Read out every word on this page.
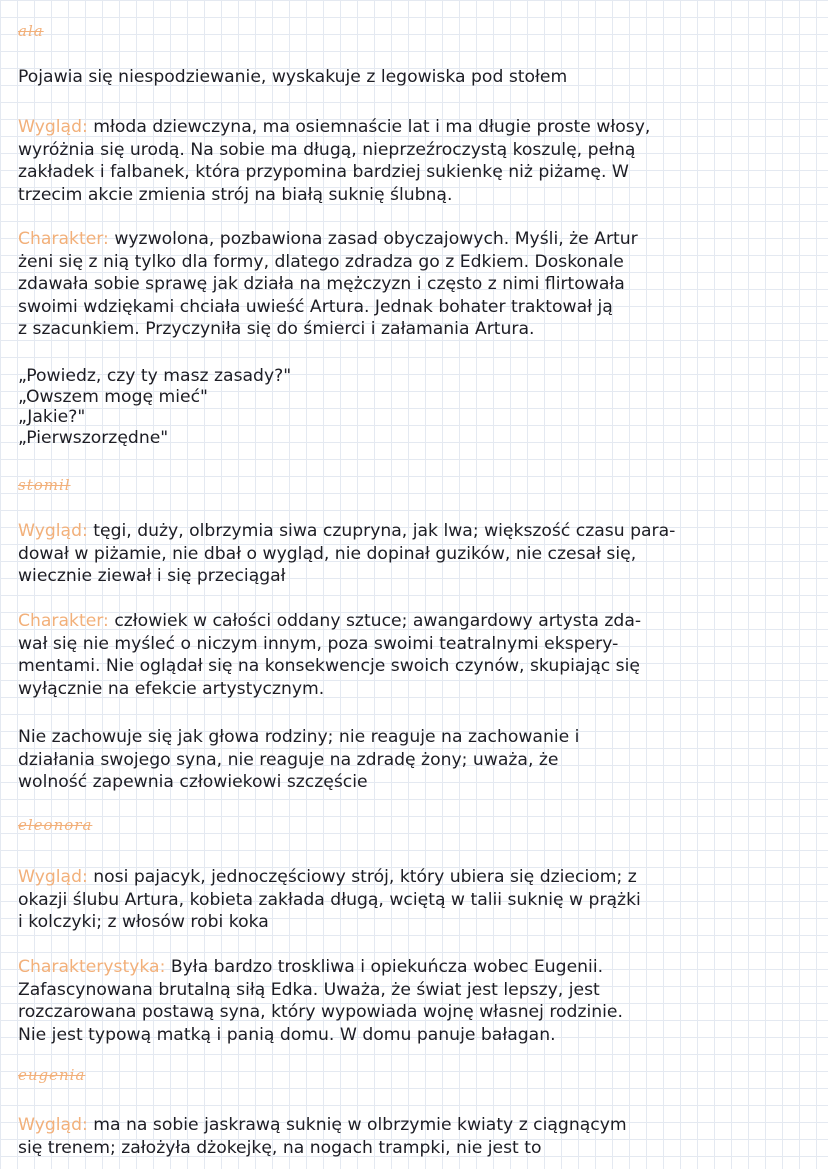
ala
Pojawia się niespodziewanie, wyskakuje z legowiska pod stołem
Wygląd: młoda dziewczyna, ma osiemnaście lat i ma długie proste włosy,
wyróżnia się urodą. Na sobie ma długą, nieprzeźroczystą koszulę, pełną
zakładek i falbanek, która przypomina bardziej sukienkę niż piżamę. W
trzecim akcie zmienia strój na białą suknię ślubną.
Charakter: wyzwolona, pozbawiona zasad obyczajowych. Myśli, że Artur
żeni się z nią tylko dla formy, dlatego zdradza go z Edkiem. Doskonale
zdawała sobie sprawę jak działa na mężczyzn i często z nimi flirtowała
swoimi wdziękami chciała uwieść Artura. Jednak bohater traktował ją
z szacunkiem. Przyczyniła się do śmierci i załamania Artura.
„Powiedz, czy ty masz zasady?"
„Owszem mogę mieć"
„Jakie?"
„Pierwszorzędne"
stomil
Wygląd: tęgi, duży, olbrzymia siwa czupryna, jak lwa; większość czasu para-
dował w piżamie, nie dbał o wygląd, nie dopinał guzików, nie czesał się,
wiecznie ziewał i się przeciągał
Charakter: człowiek w całości oddany sztuce; awangardowy artysta zda-
wał się nie myśleć o niczym innym, poza swoimi teatralnymi ekspery-
mentami. Nie oglądał się na konsekwencje swoich czynów, skupiając się
wyłącznie na efekcie artystycznym.
Nie zachowuje się jak głowa rodziny; nie reaguje na zachowanie i
działania swojego syna, nie reaguje na zdradę żony; uważa, że
wolność zapewnia człowiekowi szczęście
eleonora
Wygląd: nosi pajacyk, jednoczęściowy strój, który ubiera się dzieciom; z
okazji ślubu Artura, kobieta zakłada długą, wciętą w talii suknię w prążki
i kolczyki; z włosów robi koka
Charakterystyka: Była bardzo troskliwa i opiekuńcza wobec Eugenii.
Zafascynowana brutalną siłą Edka. Uważa, że świat jest lepszy, jest
rozczarowana postawą syna, który wypowiada wojnę własnej rodzinie.
Nie jest typową matką i panią domu. W domu panuje bałagan.
eugenia
Wygląd: ma na sobie jaskrawą suknię w olbrzymie kwiaty z ciągnącym
się trenem; założyła dżokejkę, na nogach trampki, nie jest to
